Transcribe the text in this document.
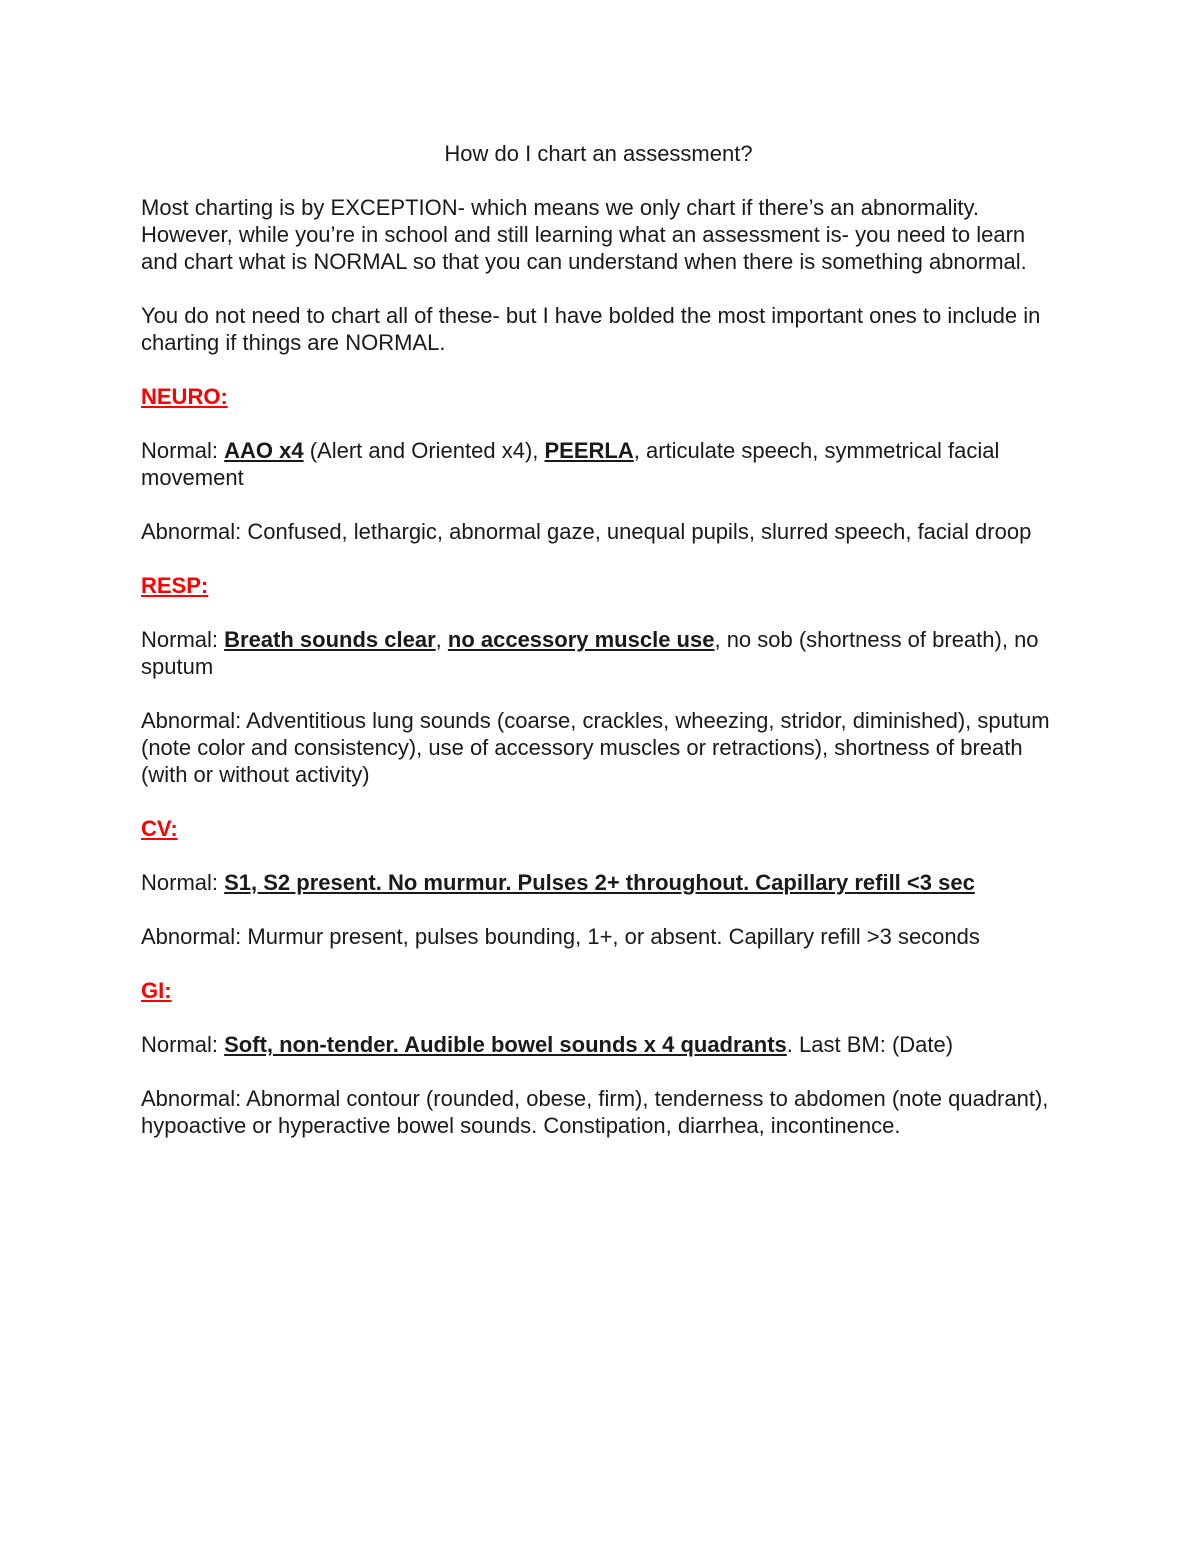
How do I chart an assessment?

Most charting is by EXCEPTION- which means we only chart if there’s an abnormality. However, while you’re in school and still learning what an assessment is- you need to learn and chart what is NORMAL so that you can understand when there is something abnormal.

You do not need to chart all of these- but I have bolded the most important ones to include in charting if things are NORMAL.

NEURO:

Normal: AAO x4 (Alert and Oriented x4), PEERLA, articulate speech, symmetrical facialmovement

Abnormal: Confused, lethargic, abnormal gaze, unequal pupils, slurred speech, facial droop

RESP:

Normal: Breath sounds clear, no accessory muscle use, no sob (shortness of breath), no sputum

Abnormal: Adventitious lung sounds (coarse, crackles, wheezing, stridor, diminished), sputum (note color and consistency), use of accessory muscles or retractions), shortness of breath (with or without activity)

CV:

Normal: S1, S2 present. No murmur. Pulses 2+ throughout. Capillary refill <3 sec

Abnormal: Murmur present, pulses bounding, 1+, or absent. Capillary refill >3 seconds

GI:

Normal: Soft, non-tender. Audible bowel sounds x 4 quadrants. Last BM: (Date)

Abnormal: Abnormal contour (rounded, obese, firm), tenderness to abdomen (note quadrant), hypoactive or hyperactive bowel sounds. Constipation, diarrhea, incontinence.
